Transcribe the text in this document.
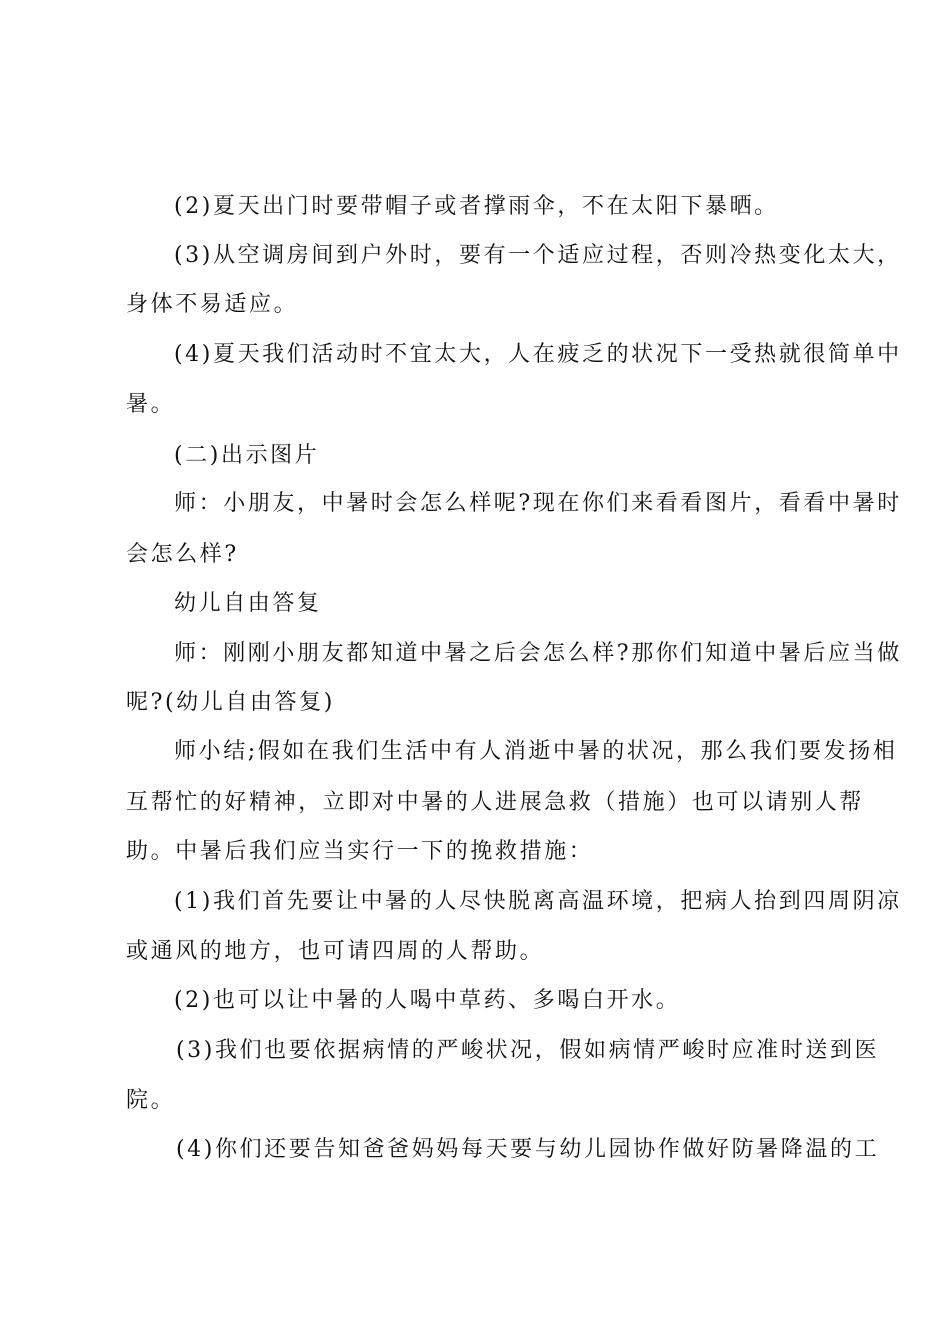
(2)夏天出门时要带帽子或者撑雨伞，不在太阳下暴晒。
(3)从空调房间到户外时，要有一个适应过程，否则冷热变化太大，
身体不易适应。
(4)夏天我们活动时不宜太大，人在疲乏的状况下一受热就很简单中
暑。
(二)出示图片
师：小朋友，中暑时会怎么样呢?现在你们来看看图片，看看中暑时
会怎么样?
幼儿自由答复
师：刚刚小朋友都知道中暑之后会怎么样?那你们知道中暑后应当做
呢?(幼儿自由答复)
师小结;假如在我们生活中有人消逝中暑的状况，那么我们要发扬相
互帮忙的好精神，立即对中暑的人进展急救（措施）也可以请别人帮
助。中暑后我们应当实行一下的挽救措施：
(1)我们首先要让中暑的人尽快脱离高温环境，把病人抬到四周阴凉
或通风的地方，也可请四周的人帮助。
(2)也可以让中暑的人喝中草药、多喝白开水。
(3)我们也要依据病情的严峻状况，假如病情严峻时应准时送到医
院。
(4)你们还要告知爸爸妈妈每天要与幼儿园协作做好防暑降温的工
